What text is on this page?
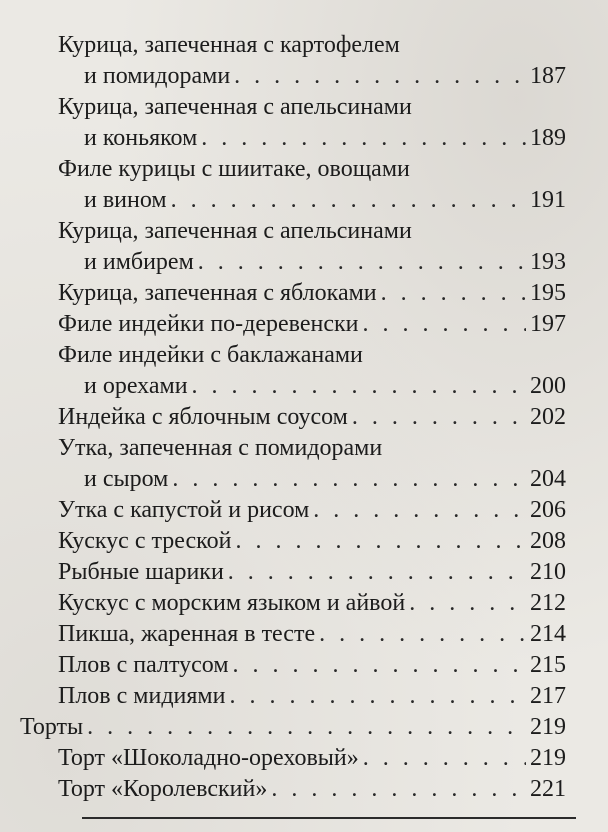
Курица, запеченная с картофелем
и помидорами . . .	187
Курица, запеченная с апельсинами
и коньяком . . .	189
Филе курицы с шиитаке, овощами
и вином . . .	191
Курица, запеченная с апельсинами
и имбирем . . .	193
Курица, запеченная с яблоками . . .	195
Филе индейки по-деревенски . . .	197
Филе индейки с баклажанами
и орехами . . .	200
Индейка с яблочным соусом . . .	202
Утка, запеченная с помидорами
и сыром . . .	204
Утка с капустой и рисом . . .	206
Кускус с треской . . .	208
Рыбные шарики . . .	210
Кускус с морским языком и айвой . . .	212
Пикша, жаренная в тесте . . .	214
Плов с палтусом . . .	215
Плов с мидиями . . .	217
Торты . . .	219
Торт «Шоколадно-ореховый» . . .	219
Торт «Королевский» . . .	221
